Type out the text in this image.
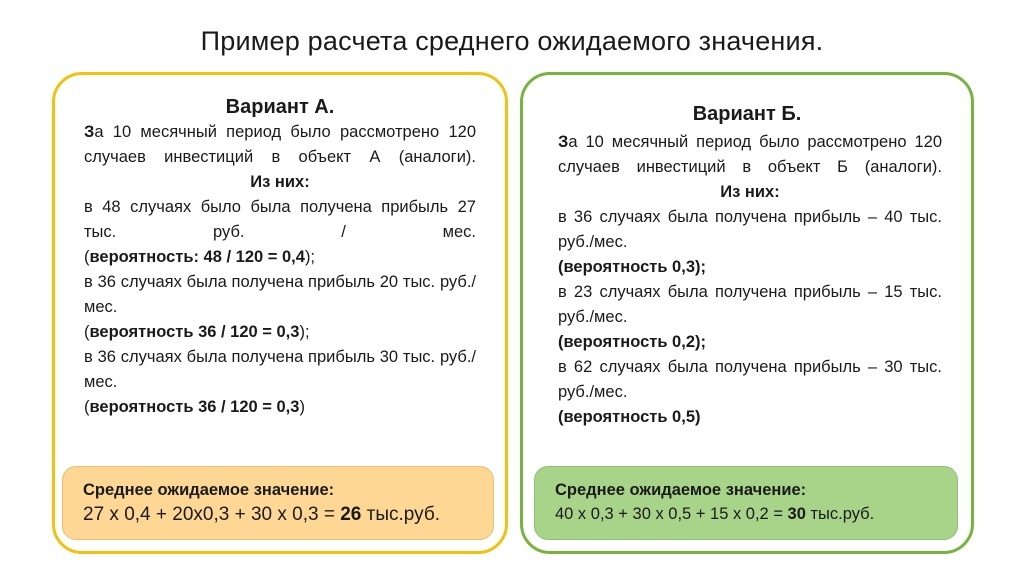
Пример расчета среднего ожидаемого значения.
Вариант А.
За 10 месячный период было рассмотрено 120 случаев инвестиций в объект А (аналоги).
Из них:
в 48 случаях было была получена прибыль 27 тыс. руб. / мес.
(вероятность: 48 / 120 = 0,4);
в 36 случаях была получена прибыль 20 тыс. руб./мес.
(вероятность 36 / 120 = 0,3);
в 36 случаях была получена прибыль 30 тыс. руб./мес.
(вероятность 36 / 120 = 0,3)
Среднее ожидаемое значение:
27 х 0,4 + 20х0,3 + 30 х 0,3 = 26 тыс.руб.
Вариант Б.
За 10 месячный период было рассмотрено 120 случаев инвестиций в объект Б (аналоги).
Из них:
в 36 случаях была получена прибыль – 40 тыс. руб./мес.
(вероятность 0,3);
в 23 случаях была получена прибыль – 15 тыс. руб./мес.
(вероятность 0,2);
в 62 случаях была получена прибыль – 30 тыс. руб./мес.
(вероятность 0,5)
Среднее ожидаемое значение:
40 х 0,3 + 30 х 0,5 + 15 х 0,2 = 30 тыс.руб.
